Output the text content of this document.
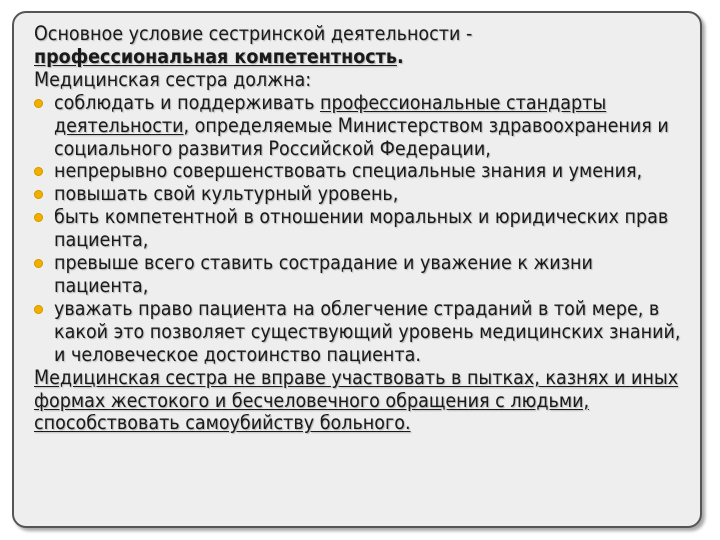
Основное условие сестринской деятельности -
профессиональная компетентность.

Медицинская сестра должна:

соблюдать и поддерживать профессиональные стандарты деятельности, определяемые Министерством здравоохранения и социального развития Российской Федерации,
непрерывно совершенствовать специальные знания и умения,
повышать свой культурный уровень,
быть компетентной в отношении моральных и юридических прав пациента,
превыше всего ставить сострадание и уважение к жизни пациента,
уважать право пациента на облегчение страданий в той мере, в какой это позволяет существующий уровень медицинских знаний, и человеческое достоинство пациента.

Медицинская сестра не вправе участвовать в пытках, казнях и иных формах жестокого и бесчеловечного обращения с людьми, способствовать самоубийству больного.
